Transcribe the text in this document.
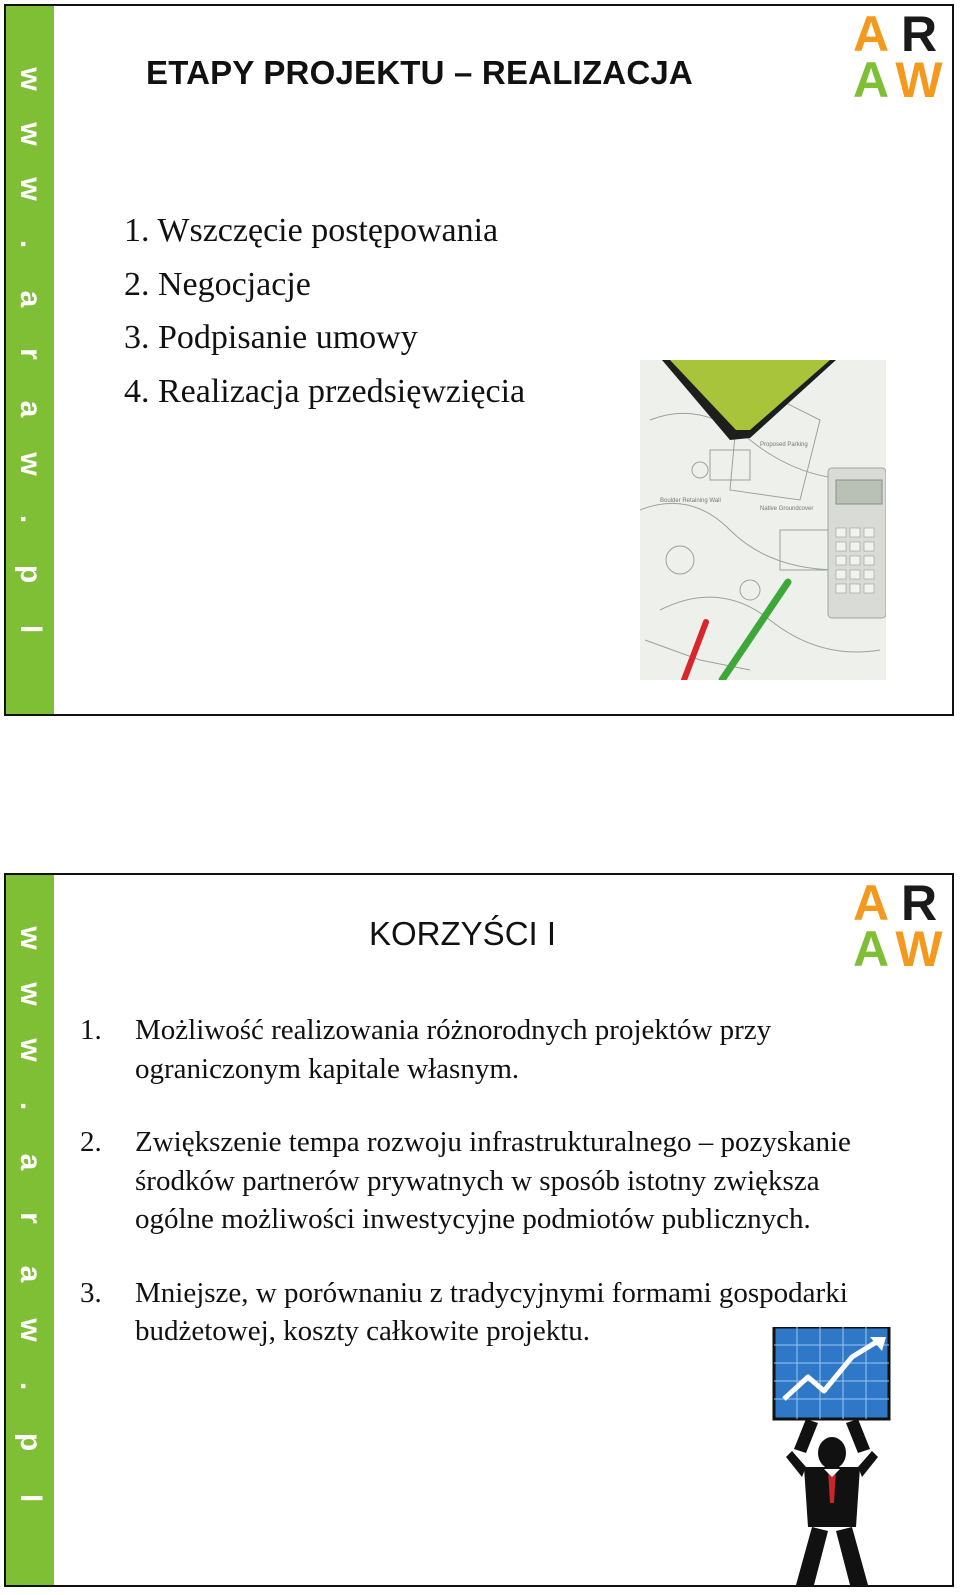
w
w
w
.
a
r
a
w
.
p
l
A R
A W
ETAPY PROJEKTU – REALIZACJA
1. Wszczęcie postępowania
2. Negocjacje
3. Podpisanie umowy
4. Realizacja przedsięwzięcia
Proposed Parking
Boulder Retaining Wall
Native Groundcover
w
w
w
.
a
r
a
w
.
p
l
A R
A W
KORZYŚCI I
1. Możliwość realizowania różnorodnych projektów przy ograniczonym kapitale własnym.
2. Zwiększenie tempa rozwoju infrastrukturalnego – pozyskanie środków partnerów prywatnych w sposób istotny zwiększa ogólne możliwości inwestycyjne podmiotów publicznych.
3. Mniejsze, w porównaniu z tradycyjnymi formami gospodarki budżetowej, koszty całkowite projektu.
